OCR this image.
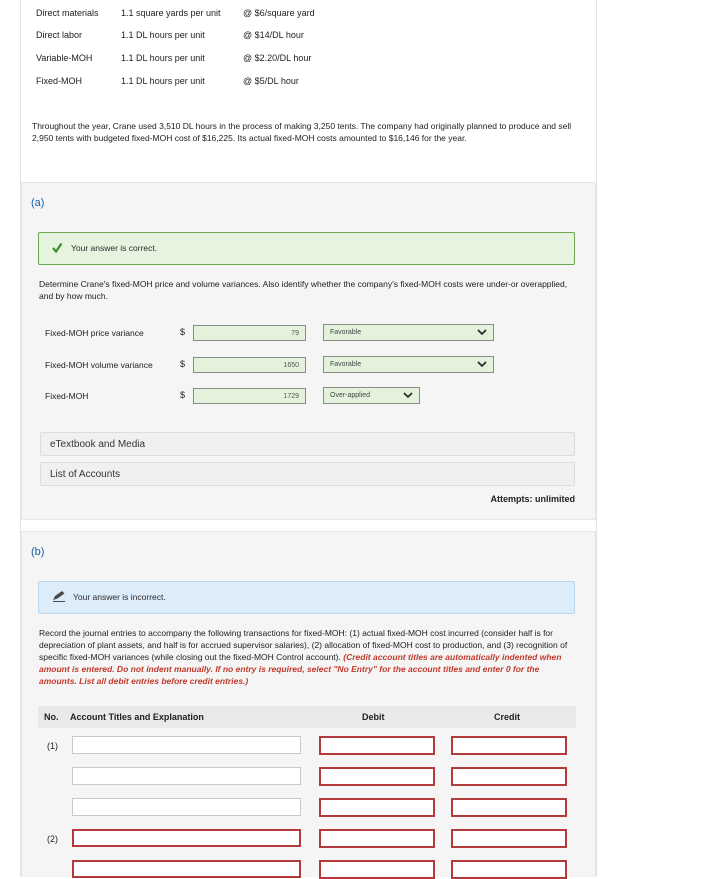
Direct materials 1.1 square yards per unit @ $6/square yard
Direct labor	1.1 DL hours per unit	@ $14/DL hour
Variable-MOH	1.1 DL hours per unit	@ $2.20/DL hour
Fixed-MOH	1.1 DL hours per unit	@ $5/DL hour
Throughout the year, Crane used 3,510 DL hours in the process of making 3,250 tents. The company had originally planned to produce and sell 2,950 tents with budgeted fixed-MOH cost of $16,225. Its actual fixed-MOH costs amounted to $16,146 for the year.
(a)
Your answer is correct.
Determine Crane's fixed-MOH price and volume variances. Also identify whether the company's fixed-MOH costs were under-or overapplied, and by how much.
Fixed-MOH price variance	$	79	Favorable
Fixed-MOH volume variance	$	1650	Favorable
Fixed-MOH	$	1729	Over-applied
eTextbook and Media
List of Accounts
Attempts: unlimited
(b)
Your answer is incorrect.
Record the journal entries to accompany the following transactions for fixed-MOH: (1) actual fixed-MOH cost incurred (consider half is for depreciation of plant assets, and half is for accrued supervisor salaries), (2) allocation of fixed-MOH cost to production, and (3) recognition of specific fixed-MOH variances (while closing out the fixed-MOH Control account). (Credit account titles are automatically indented when amount is entered. Do not indent manually. If no entry is required, select "No Entry" for the account titles and enter 0 for the amounts. List all debit entries before credit entries.)
No. Account Titles and Explanation	Debit	Credit
(1)
(2)
